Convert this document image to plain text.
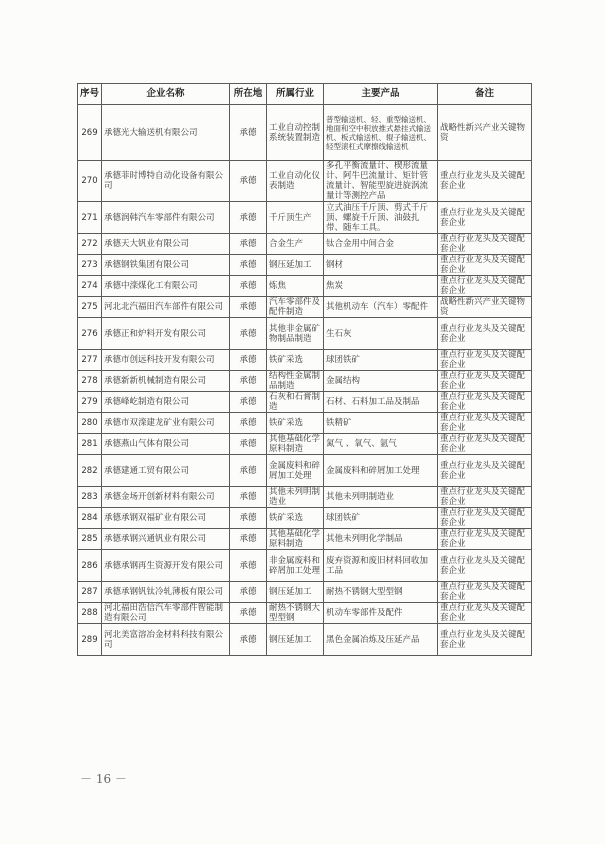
序号	企业名称	所在地	所属行业	主要产品	备注
269	承德光大输送机有限公司	承德	工业自动控制系统装置制造	普型输送机、轻、重型输送机、地面和空中积放推式悬挂式输送机、板式输送机、辊子输送机、轻型滚杠式摩擦线输送机	战略性新兴产业关键物资
270	承德菲时博特自动化设备有限公司	承德	工业自动化仪表制造	多孔平衡流量计、楔形流量计、阿牛巴流量计、矩针管流量计、智能型旋进旋涡流量计等测控产品	重点行业龙头及关键配套企业
271	承德润韩汽车零部件有限公司	承德	千斤顶生产	立式油压千斤顶、剪式千斤顶、螺旋千斤顶、油鼓扎带、随车工具。	重点行业龙头及关键配套企业
272	承德天大钒业有限公司	承德	合金生产	钛合金用中间合金	重点行业龙头及关键配套企业
273	承德钢铁集团有限公司	承德	钢压延加工	钢材	重点行业龙头及关键配套企业
274	承德中滦煤化工有限公司	承德	炼焦	焦炭	重点行业龙头及关键配套企业
275	河北北汽福田汽车部件有限公司	承德	汽车零部件及配件制造	其他机动车（汽车）零配件	战略性新兴产业关键物资
276	承德正和炉料开发有限公司	承德	其他非金属矿物制品制造	生石灰	重点行业龙头及关键配套企业
277	承德市创远科技开发有限公司	承德	铁矿采选	球团铁矿	重点行业龙头及关键配套企业
278	承德新新机械制造有限公司	承德	结构性金属制品制造	金属结构	重点行业龙头及关键配套企业
279	承德峰屹制造有限公司	承德	石灰和石膏制造	石材、石料加工品及制品	重点行业龙头及关键配套企业
280	承德市双滦建龙矿业有限公司	承德	铁矿采选	铁精矿	重点行业龙头及关键配套企业
281	承德燕山气体有限公司	承德	其他基础化学原料制造	氮气 、氧气、氩气	重点行业龙头及关键配套企业
282	承德建通工贸有限公司	承德	金属废料和碎屑加工处理	金属废料和碎屑加工处理	重点行业龙头及关键配套企业
283	承德金场开创新材料有限公司	承德	其他未列明制造业	其他未列明制造业	重点行业龙头及关键配套企业
284	承德承钢双福矿业有限公司	承德	铁矿采选	球团铁矿	重点行业龙头及关键配套企业
285	承德承钢兴通钒业有限公司	承德	其他基础化学原料制造	其他未列明化学制品	重点行业龙头及关键配套企业
286	承德承钢再生资源开发有限公司	承德	非金属废料和碎屑加工处理	废弃资源和废旧材料回收加工品	重点行业龙头及关键配套企业
287	承德承钢钒钛冷轧薄板有限公司	承德	钢压延加工	耐热不锈钢大型型钢	重点行业龙头及关键配套企业
288	河北福田浩信汽车零部件智能制造有限公司	承德	耐热不锈钢大型型钢	机动车零部件及配件	重点行业龙头及关键配套企业
289	河北美富溶冶金材料科技有限公司	承德	钢压延加工	黑色金属冶炼及压延产品	重点行业龙头及关键配套企业
－ 16 －
